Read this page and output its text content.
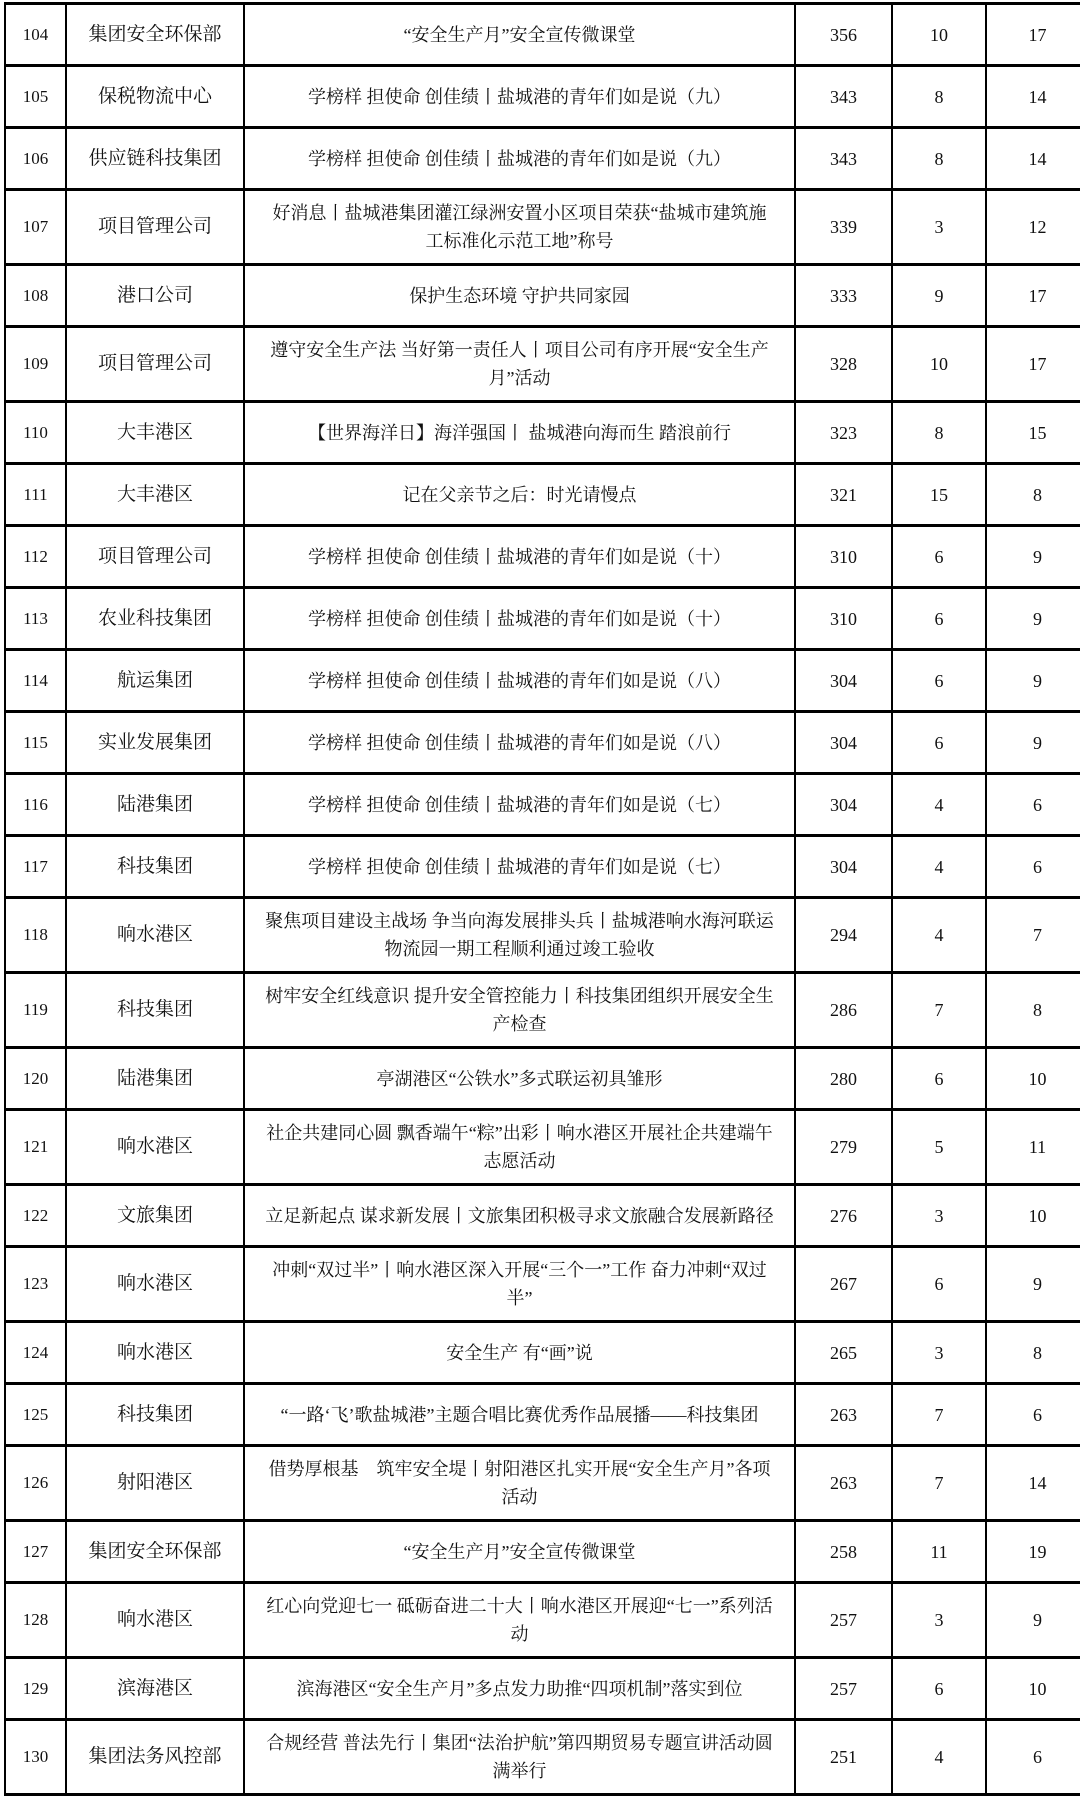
104	集团安全环保部	“安全生产月”安全宣传微课堂	356	10	17
105	保税物流中心	学榜样 担使命 创佳绩丨盐城港的青年们如是说（九）	343	8	14
106	供应链科技集团	学榜样 担使命 创佳绩丨盐城港的青年们如是说（九）	343	8	14
107	项目管理公司	好消息丨盐城港集团灌江绿洲安置小区项目荣获“盐城市建筑施工标准化示范工地”称号	339	3	12
108	港口公司	保护生态环境 守护共同家园	333	9	17
109	项目管理公司	遵守安全生产法 当好第一责任人丨项目公司有序开展“安全生产月”活动	328	10	17
110	大丰港区	【世界海洋日】海洋强国丨 盐城港向海而生 踏浪前行	323	8	15
111	大丰港区	记在父亲节之后：时光请慢点	321	15	8
112	项目管理公司	学榜样 担使命 创佳绩丨盐城港的青年们如是说（十）	310	6	9
113	农业科技集团	学榜样 担使命 创佳绩丨盐城港的青年们如是说（十）	310	6	9
114	航运集团	学榜样 担使命 创佳绩丨盐城港的青年们如是说（八）	304	6	9
115	实业发展集团	学榜样 担使命 创佳绩丨盐城港的青年们如是说（八）	304	6	9
116	陆港集团	学榜样 担使命 创佳绩丨盐城港的青年们如是说（七）	304	4	6
117	科技集团	学榜样 担使命 创佳绩丨盐城港的青年们如是说（七）	304	4	6
118	响水港区	聚焦项目建设主战场 争当向海发展排头兵丨盐城港响水海河联运物流园一期工程顺利通过竣工验收	294	4	7
119	科技集团	树牢安全红线意识 提升安全管控能力丨科技集团组织开展安全生产检查	286	7	8
120	陆港集团	亭湖港区“公铁水”多式联运初具雏形	280	6	10
121	响水港区	社企共建同心圆 飘香端午“粽”出彩丨响水港区开展社企共建端午志愿活动	279	5	11
122	文旅集团	立足新起点 谋求新发展丨文旅集团积极寻求文旅融合发展新路径	276	3	10
123	响水港区	冲刺“双过半”丨响水港区深入开展“三个一”工作 奋力冲刺“双过半”	267	6	9
124	响水港区	安全生产 有“画”说	265	3	8
125	科技集团	“一路‘飞’歌盐城港”主题合唱比赛优秀作品展播——科技集团	263	7	6
126	射阳港区	借势厚根基　筑牢安全堤丨射阳港区扎实开展“安全生产月”各项活动	263	7	14
127	集团安全环保部	“安全生产月”安全宣传微课堂	258	11	19
128	响水港区	红心向党迎七一 砥砺奋进二十大丨响水港区开展迎“七一”系列活动	257	3	9
129	滨海港区	滨海港区“安全生产月”多点发力助推“四项机制”落实到位	257	6	10
130	集团法务风控部	合规经营 普法先行丨集团“法治护航”第四期贸易专题宣讲活动圆满举行	251	4	6
